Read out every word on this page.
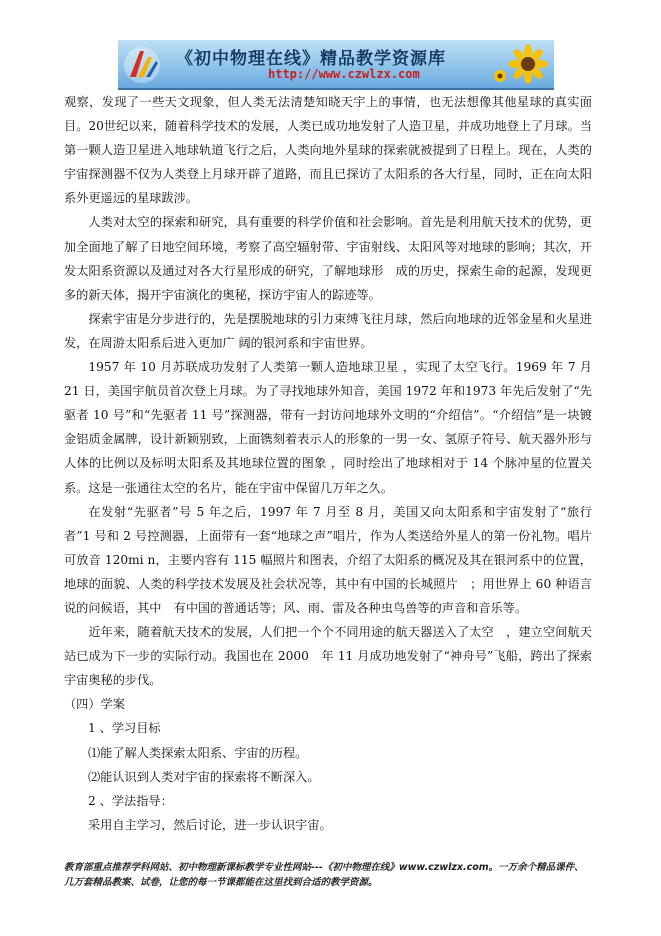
《初中物理在线》精品教学资源库
http://www.czwlzx.com

观察，发现了一些天文现象，但人类无法清楚知晓天宇上的事情，也无法想像其他星球的真实面目。20世纪以来，随着科学技术的发展，人类已成功地发射了人造卫星，并成功地登上了月球。当第一颗人造卫星进入地球轨道飞行之后，人类向地外星球的探索就被提到了日程上。现在，人类的宇宙探测器不仅为人类登上月球开辟了道路，而且已探访了太阳系的各大行星，同时，正在向太阳系外更遥远的星球跋涉。

人类对太空的探索和研究，具有重要的科学价值和社会影响。首先是利用航天技术的优势，更加全面地了解了日地空间环境，考察了高空辐射带、宇宙射线、太阳风等对地球的影响；其次，开发太阳系资源以及通过对各大行星形成的研究，了解地球形　成的历史，探索生命的起源，发现更多的新天体，揭开宇宙演化的奥秘，探访宇宙人的踪迹等。

探索宇宙是分步进行的，先是摆脱地球的引力束缚飞往月球，然后向地球的近邻金星和火星进发，在周游太阳系后进入更加广 阔的银河系和宇宙世界。

1957 年 10 月苏联成功发射了人类第一颗人造地球卫星 ，实现了太空飞行。1969 年 7 月 21 日，美国宇航员首次登上月球。为了寻找地球外知音，美国 1972 年和1973 年先后发射了“先驱者 10 号”和“先驱者 11 号”探测器，带有一封访问地球外文明的“介绍信”。“介绍信”是一块镀金铝质金属牌，设计新颖别致，上面镌刻着表示人的形象的一男一女、氢原子符号、航天器外形与人体的比例以及标明太阳系及其地球位置的图象 ，同时绘出了地球相对于 14 个脉冲星的位置关系。这是一张通往太空的名片，能在宇宙中保留几万年之久。

在发射“先驱者”号 5 年之后，1997 年 7 月至 8 月，美国又向太阳系和宇宙发射了“旅行者”1 号和 2 号控测器，上面带有一套“地球之声”唱片，作为人类送给外星人的第一份礼物。唱片可放音 120mi n，主要内容有 115 幅照片和图表，介绍了太阳系的概况及其在银河系中的位置，地球的面貌、人类的科学技术发展及社会状况等，其中有中国的长城照片　；用世界上 60 种语言说的问候语，其中　有中国的普通话等；风、雨、雷及各种虫鸟兽等的声音和音乐等。

近年来，随着航天技术的发展，人们把一个个不同用途的航天器送入了太空　，建立空间航天站已成为下一步的实际行动。我国也在 2000　年 11 月成功地发射了“神舟号”飞船，跨出了探索宇宙奥秘的步伐。

（四）学案

1 、学习目标

⑴能了解人类探索太阳系、宇宙的历程。

⑵能认识到人类对宇宙的探索将不断深入。

2 、学法指导：

采用自主学习，然后讨论，进一步认识宇宙。

教育部重点推荐学科网站、初中物理新课标教学专业性网站---《初中物理在线》www.czwlzx.com。一万余个精品课件、
几万套精品教案、试卷，让您的每一节课都能在这里找到合适的教学资源。
